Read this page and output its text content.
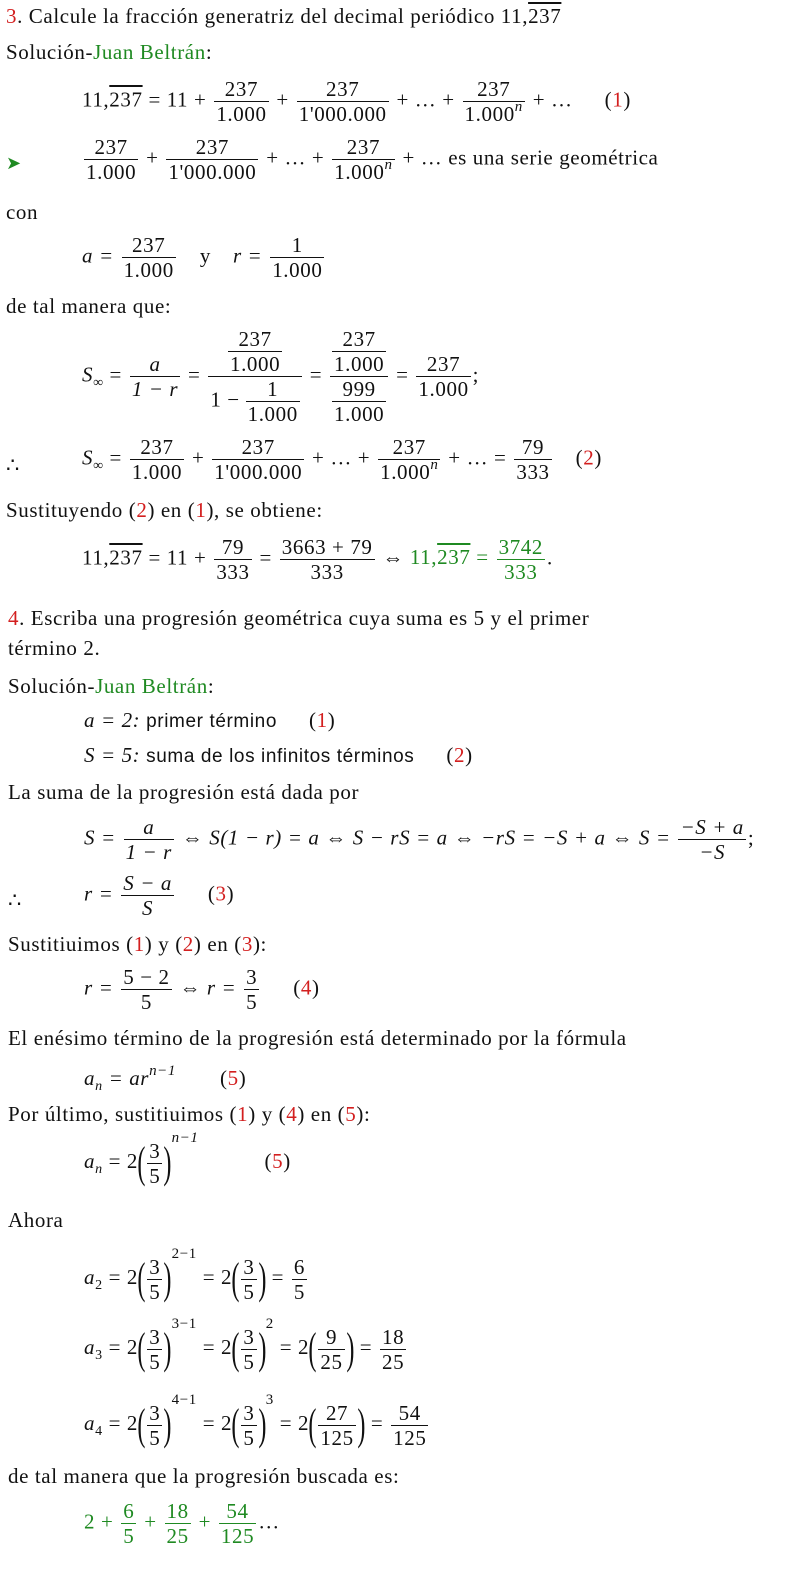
3. Calcule la fracción generatriz del decimal periódico 11,237
Solución-Juan Beltrán:
$11,237 = 11 + \frac{237}{1.000} + \frac{237}{1'000.000}$ + … + $\frac{237}{1.000^n}$ + … (1)
➤	$\frac{237}{1.000} + \frac{237}{1'000.000}$ + … + $\frac{237}{1.000^n}$ + … es una serie geométrica
con
$a = \frac{237}{1.000}$ y $r = \frac{1}{1.000}$
de tal manera que:
$S_\infty = \frac{a}{1 - r} = \frac{\frac{237}{1.000}}{1 - \frac{1}{1.000}} = \frac{\frac{237}{1.000}}{\frac{999}{1.000}} = \frac{237}{1.000}$ ;
∴	$S_\infty = \frac{237}{1.000} + \frac{237}{1'000.000}$ + … + $\frac{237}{1.000^n}$ + … = $\frac{79}{333} (2)$
Sustituyendo (2) en (1), se obtiene:
$11,237 = 11 + \frac{79}{333} = \frac{3663 + 79}{333}$ ⇔ $11,237 = \frac{3742}{333}$ .
4. Escriba una progresión geométrica cuya suma es 5 y el primer
término 2.
Solución-Juan Beltrán:
a = 2: primer término (1)
S = 5: suma de los infinitos términos (2)
La suma de la progresión está dada por
$S = \frac{a}{1 - r}$ ⇔ S(1 − r) = a ⇔ S − rS = a ⇔ −rS = −S + a ⇔ $S = \frac{-S + a}{-S}$ ;
∴	$r = \frac{S - a}{S} (3)$
Sustitiuimos (1) y (2) en (3):
$r = \frac{5 - 2}{5}$ ⇔ $r = \frac{3}{5} (4)$
El enésimo término de la progresión está determinado por la fórmula
$a_n = ar^{n-1}$ (5)
Por último, sustitiuimos (1) y (4) en (5):
$a_n = 2( \frac{3}{5} )^{n-1}(5)$
Ahora
$a_2 = 2( \frac{3}{5} )^{2-1} = 2( \frac{3}{5}$ ) = $\frac{6}{5}$
$a_3 = 2( \frac{3}{5} )^{3-1} = 2( \frac{3}{5} )^2 = 2( \frac{9}{25}$ ) = $\frac{18}{25}$
$a_4 = 2( \frac{3}{5} )^{4-1} = 2( \frac{3}{5} )^3 = 2( \frac{27}{125}$ ) = $\frac{54}{125}$
de tal manera que la progresión buscada es:
$2 + \frac{6}{5} + \frac{18}{25} + \frac{54}{125}$ …
